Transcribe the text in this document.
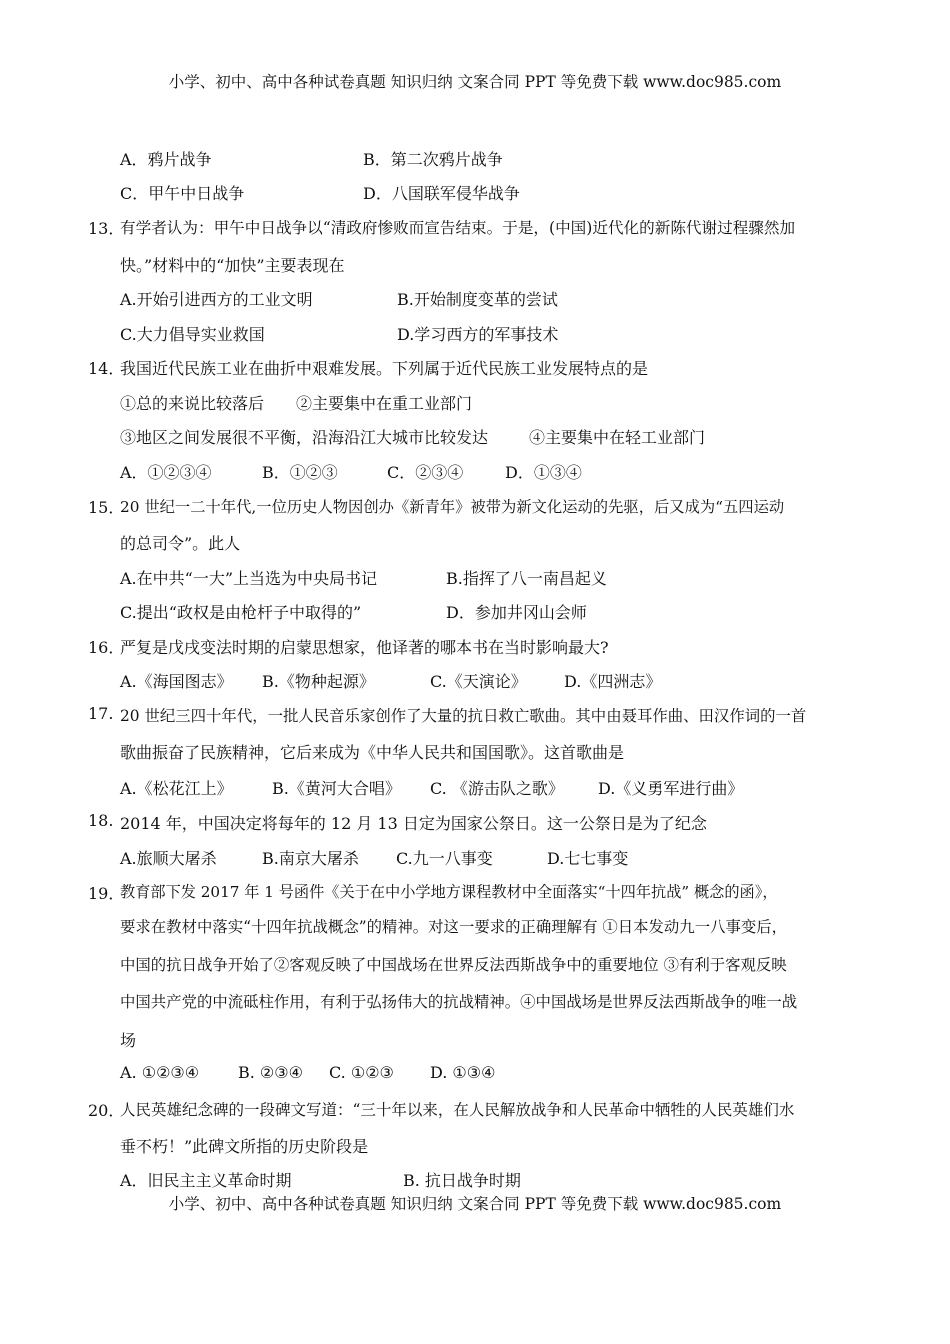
小学、初中、高中各种试卷真题 知识归纳 文案合同 PPT 等免费下载 www.doc985.com
A．鸦片战争	B．第二次鸦片战争
C．甲午中日战争	D．八国联军侵华战争
13．
有学者认为：甲午中日战争以“清政府惨败而宣告结束。于是，(中国)近代化的新陈代谢过程骤然加
快。”材料中的“加快”主要表现在
A.开始引进西方的工业文明	B.开始制度变革的尝试
C.大力倡导实业救国	D.学习西方的军事技术
14．
我国近代民族工业在曲折中艰难发展。下列属于近代民族工业发展特点的是
①总的来说比较落后 ②主要集中在重工业部门
③地区之间发展很不平衡，沿海沿江大城市比较发达	④主要集中在轻工业部门
A．①②③④	B．①②③	C．②③④	D．①③④
15．
20 世纪一二十年代,一位历史人物因创办《新青年》被带为新文化运动的先驱，后又成为“五四运动
的总司令”。此人
A.在中共“一大”上当选为中央局书记	B.指挥了八一南昌起义
C.提出“政权是由枪杆子中取得的”	D．参加井冈山会师
16．
严复是戊戌变法时期的启蒙思想家，他译著的哪本书在当时影响最大?
A.《海国图志》 B.《物种起源》	C.《天演论》 D.《四洲志》
17. 20 世纪三四十年代，一批人民音乐家创作了大量的抗日救亡歌曲。其中由聂耳作曲、田汉作词的一首
歌曲振奋了民族精神，它后来成为《中华人民共和国国歌》。这首歌曲是
A.《松花江上》 B.《黄河大合唱》 C. 《游击队之歌》 D.《义勇军进行曲》
18. 2014 年，中国决定将每年的 12 月 13 日定为国家公祭日。这一公祭日是为了纪念
A.旅顺大屠杀	B.南京大屠杀 C.九一八事变	D.七七事变
19．
教育部下发 2017 年 1 号函件《关于在中小学地方课程教材中全面落实“十四年抗战” 概念的函》，
要求在教材中落实“十四年抗战概念”的精神。对这一要求的正确理解有 ①日本发动九一八事变后，
中国的抗日战争开始了②客观反映了中国战场在世界反法西斯战争中的重要地位 ③有利于客观反映
中国共产党的中流砥柱作用，有利于弘扬伟大的抗战精神。④中国战场是世界反法西斯战争的唯一战
场
A. ①②③④ B. ②③④ C. ①②③ D. ①③④
20．
人民英雄纪念碑的一段碑文写道：“三十年以来，在人民解放战争和人民革命中牺牲的人民英雄们水
垂不朽！”此碑文所指的历史阶段是
A．旧民主主义革命时期	B. 抗日战争时期
小学、初中、高中各种试卷真题 知识归纳 文案合同 PPT 等免费下载 www.doc985.com
